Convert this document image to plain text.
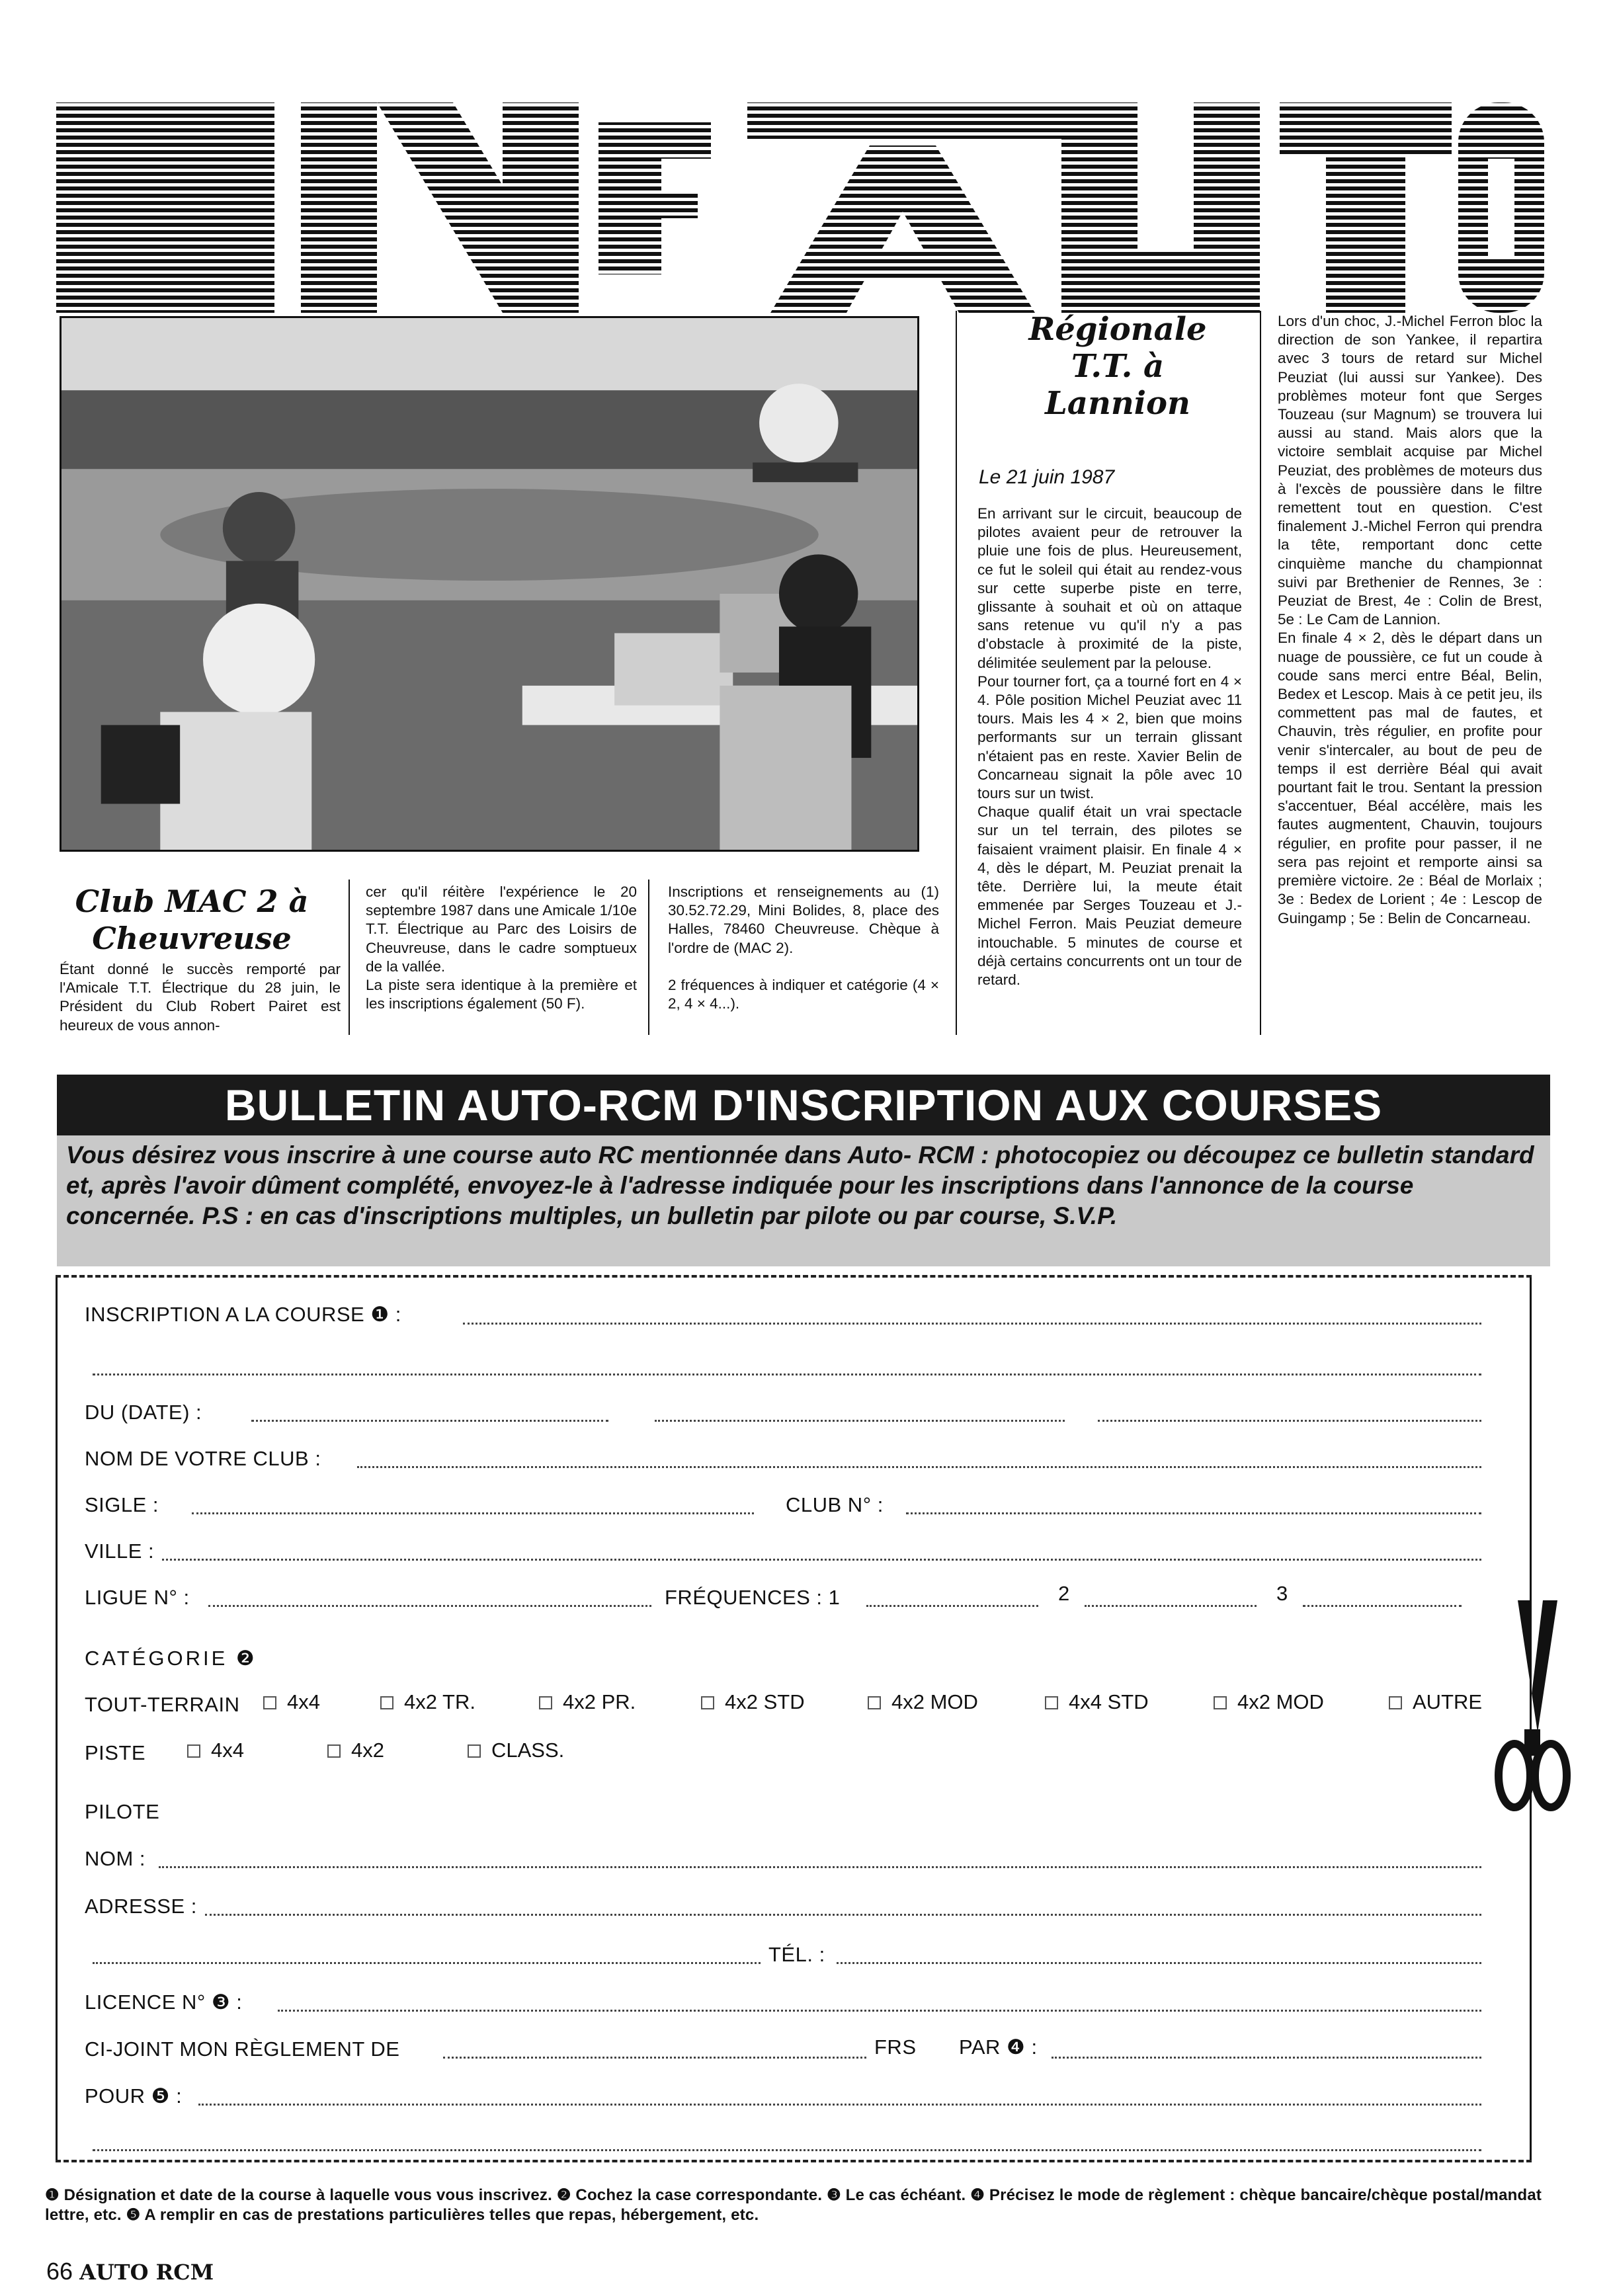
Club MAC 2 à
Cheuvreuse
Étant donné le succès remporté par l'Amicale T.T. Électrique du 28 juin, le Président du Club Robert Pairet est heureux de vous annon-
cer qu'il réitère l'expérience le 20 septembre 1987 dans une Amicale 1/10e T.T. Électrique au Parc des Loisirs de Cheuvreuse, dans le cadre somptueux de la vallée.
La piste sera identique à la première et les inscriptions également (50 F).
Inscriptions et renseignements au (1) 30.52.72.29, Mini Bolides, 8, place des Halles, 78460 Cheuvreuse. Chèque à l'ordre de (MAC 2).

2 fréquences à indiquer et catégorie (4 × 2, 4 × 4...).
Régionale
T.T. à
Lannion
Le 21 juin 1987
En arrivant sur le circuit, beaucoup de pilotes avaient peur de retrouver la pluie une fois de plus. Heureusement, ce fut le soleil qui était au rendez-vous sur cette superbe piste en terre, glissante à souhait et où on attaque sans retenue vu qu'il n'y a pas d'obstacle à proximité de la piste, délimitée seulement par la pelouse.
Pour tourner fort, ça a tourné fort en 4 × 4. Pôle position Michel Peuziat avec 11 tours. Mais les 4 × 2, bien que moins performants sur un terrain glissant n'étaient pas en reste. Xavier Belin de Concarneau signait la pôle avec 10 tours sur un twist.
Chaque qualif était un vrai spectacle sur un tel terrain, des pilotes se faisaient vraiment plaisir. En finale 4 × 4, dès le départ, M. Peuziat prenait la tête. Derrière lui, la meute était emmenée par Serges Touzeau et J.-Michel Ferron. Mais Peuziat demeure intouchable. 5 minutes de course et déjà certains concurrents ont un tour de retard.
Lors d'un choc, J.-Michel Ferron bloc la direction de son Yankee, il repartira avec 3 tours de retard sur Michel Peuziat (lui aussi sur Yankee). Des problèmes moteur font que Serges Touzeau (sur Magnum) se trouvera lui aussi au stand. Mais alors que la victoire semblait acquise par Michel Peuziat, des problèmes de moteurs dus à l'excès de poussière dans le filtre remettent tout en question. C'est finalement J.-Michel Ferron qui prendra la tête, remportant donc cette cinquième manche du championnat suivi par Brethenier de Rennes, 3e : Peuziat de Brest, 4e : Colin de Brest, 5e : Le Cam de Lannion.
En finale 4 × 2, dès le départ dans un nuage de poussière, ce fut un coude à coude sans merci entre Béal, Belin, Bedex et Lescop. Mais à ce petit jeu, ils commettent pas mal de fautes, et Chauvin, très régulier, en profite pour venir s'intercaler, au bout de peu de temps il est derrière Béal qui avait pourtant fait le trou. Sentant la pression s'accentuer, Béal accélère, mais les fautes augmentent, Chauvin, toujours régulier, en profite pour passer, il ne sera pas rejoint et remporte ainsi sa première victoire. 2e : Béal de Morlaix ; 3e : Bedex de Lorient ; 4e : Lescop de Guingamp ; 5e : Belin de Concarneau.
BULLETIN AUTO-RCM D'INSCRIPTION AUX COURSES
Vous désirez vous inscrire à une course auto RC mentionnée dans Auto- RCM : photocopiez ou découpez ce bulletin standard et, après l'avoir dûment complété, envoyez-le à l'adresse indiquée pour les inscriptions dans l'annonce de la course concernée. P.S : en cas d'inscriptions multiples, un bulletin par pilote ou par course, S.V.P.
INSCRIPTION A LA COURSE ❶ :
DU (DATE) :
NOM DE VOTRE CLUB :
SIGLE :	CLUB N° :
VILLE :
LIGUE N° :	FRÉQUENCES : 1	2	3
CATÉGORIE ❷
TOUT-TERRAIN	4x4	4x2 TR.	4x2 PR.	4x2 STD	4x2 MOD	4x4 STD	4x2 MOD	AUTRE
PISTE	4x4	4x2	CLASS.
PILOTE
NOM :
ADRESSE :
TÉL. :
LICENCE N° ❸ :
CI-JOINT MON RÈGLEMENT DE	FRS PAR ❹ :
POUR ❺ :
❶ Désignation et date de la course à laquelle vous vous inscrivez. ❷ Cochez la case correspondante. ❸ Le cas échéant. ❹ Précisez le mode de règlement : chèque bancaire/chèque postal/mandat lettre, etc. ❺ A remplir en cas de prestations particulières telles que repas, hébergement, etc.
66 AUTO RCM
